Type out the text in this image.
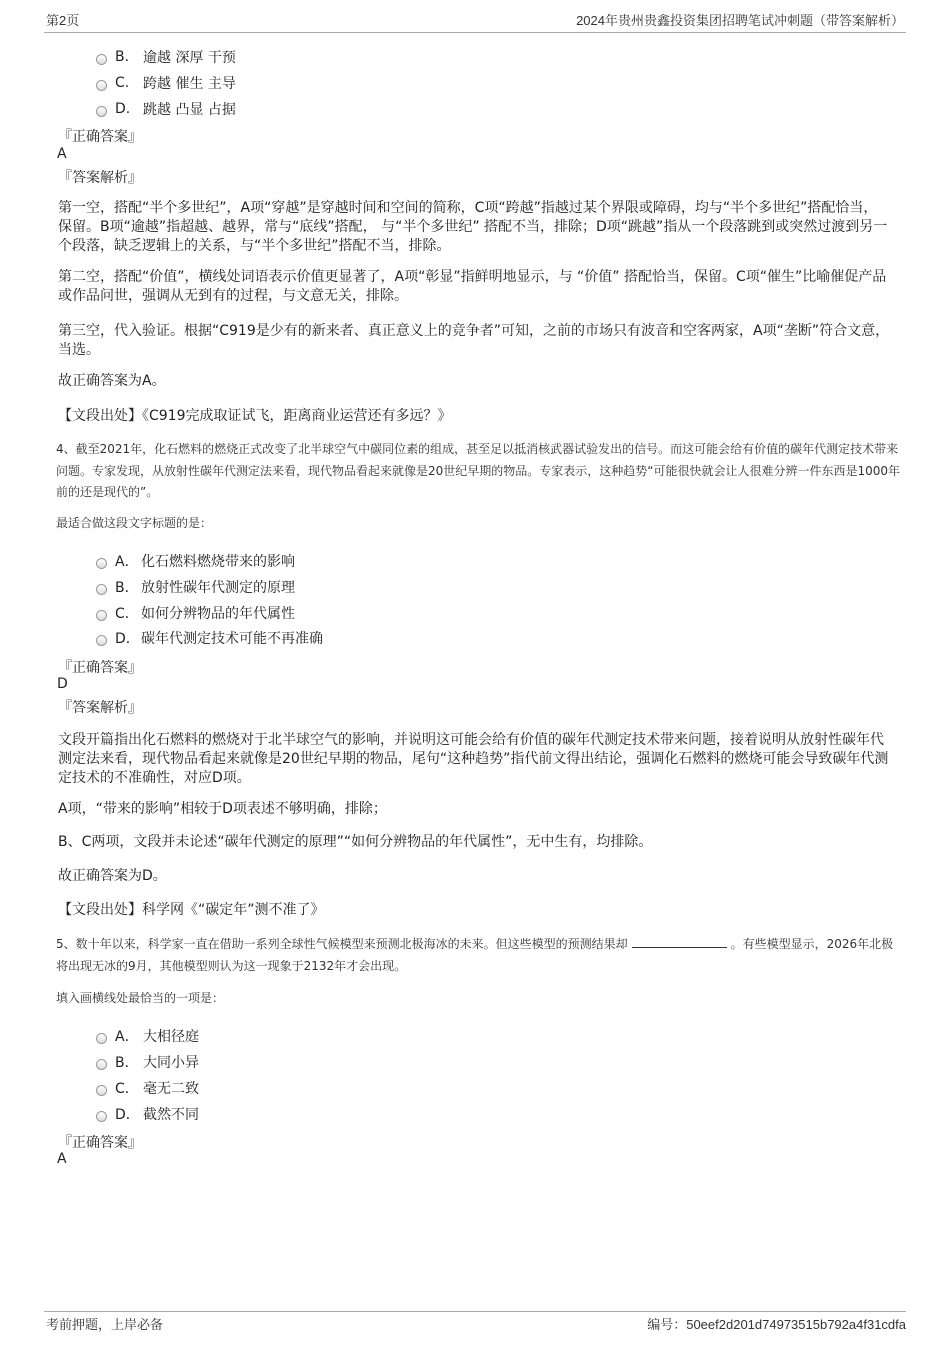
第2页	2024年贵州贵鑫投资集团招聘笔试冲刺题（带答案解析）
B. 逾越 深厚 干预
C. 跨越 催生 主导
D. 跳越 凸显 占据
『正确答案』
A
『答案解析』
第一空，搭配“半个多世纪”，A项“穿越”是穿越时间和空间的简称，C项“跨越”指越过某个界限或障碍，均与“半个多世纪”搭配恰当，保留。B项“逾越”指超越、越界，常与“底线”搭配， 与“半个多世纪” 搭配不当，排除；D项“跳越”指从一个段落跳到或突然过渡到另一个段落，缺乏逻辑上的关系，与“半个多世纪”搭配不当，排除。
第二空，搭配“价值”，横线处词语表示价值更显著了，A项“彰显”指鲜明地显示，与 “价值” 搭配恰当，保留。C项“催生”比喻催促产品或作品问世，强调从无到有的过程，与文意无关，排除。
第三空，代入验证。根据“C919是少有的新来者、真正意义上的竞争者”可知，之前的市场只有波音和空客两家，A项“垄断”符合文意，当选。
故正确答案为A。
【文段出处】《C919完成取证试飞，距离商业运营还有多远？》
4、截至2021年，化石燃料的燃烧正式改变了北半球空气中碳同位素的组成，甚至足以抵消核武器试验发出的信号。而这可能会给有价值的碳年代测定技术带来问题。专家发现，从放射性碳年代测定法来看，现代物品看起来就像是20世纪早期的物品。专家表示，这种趋势“可能很快就会让人很难分辨一件东西是1000年前的还是现代的”。
最适合做这段文字标题的是：
A． 化石燃料燃烧带来的影响
B． 放射性碳年代测定的原理
C． 如何分辨物品的年代属性
D． 碳年代测定技术可能不再准确
『正确答案』
D
『答案解析』
文段开篇指出化石燃料的燃烧对于北半球空气的影响，并说明这可能会给有价值的碳年代测定技术带来问题，接着说明从放射性碳年代测定法来看，现代物品看起来就像是20世纪早期的物品，尾句“这种趋势”指代前文得出结论，强调化石燃料的燃烧可能会导致碳年代测定技术的不准确性，对应D项。
A项，“带来的影响”相较于D项表述不够明确，排除；
B、C两项，文段并未论述“碳年代测定的原理”“如何分辨物品的年代属性”，无中生有，均排除。
故正确答案为D。
【文段出处】科学网《“碳定年”测不准了》
5、数十年以来，科学家一直在借助一系列全球性气候模型来预测北极海冰的未来。但这些模型的预测结果却	。有些模型显示，2026年北极将出现无冰的9月，其他模型则认为这一现象于2132年才会出现。
填入画横线处最恰当的一项是：
A． 大相径庭
B． 大同小异
C． 毫无二致
D． 截然不同
『正确答案』
A
考前押题，上岸必备	编号：50eef2d201d74973515b792a4f31cdfa
